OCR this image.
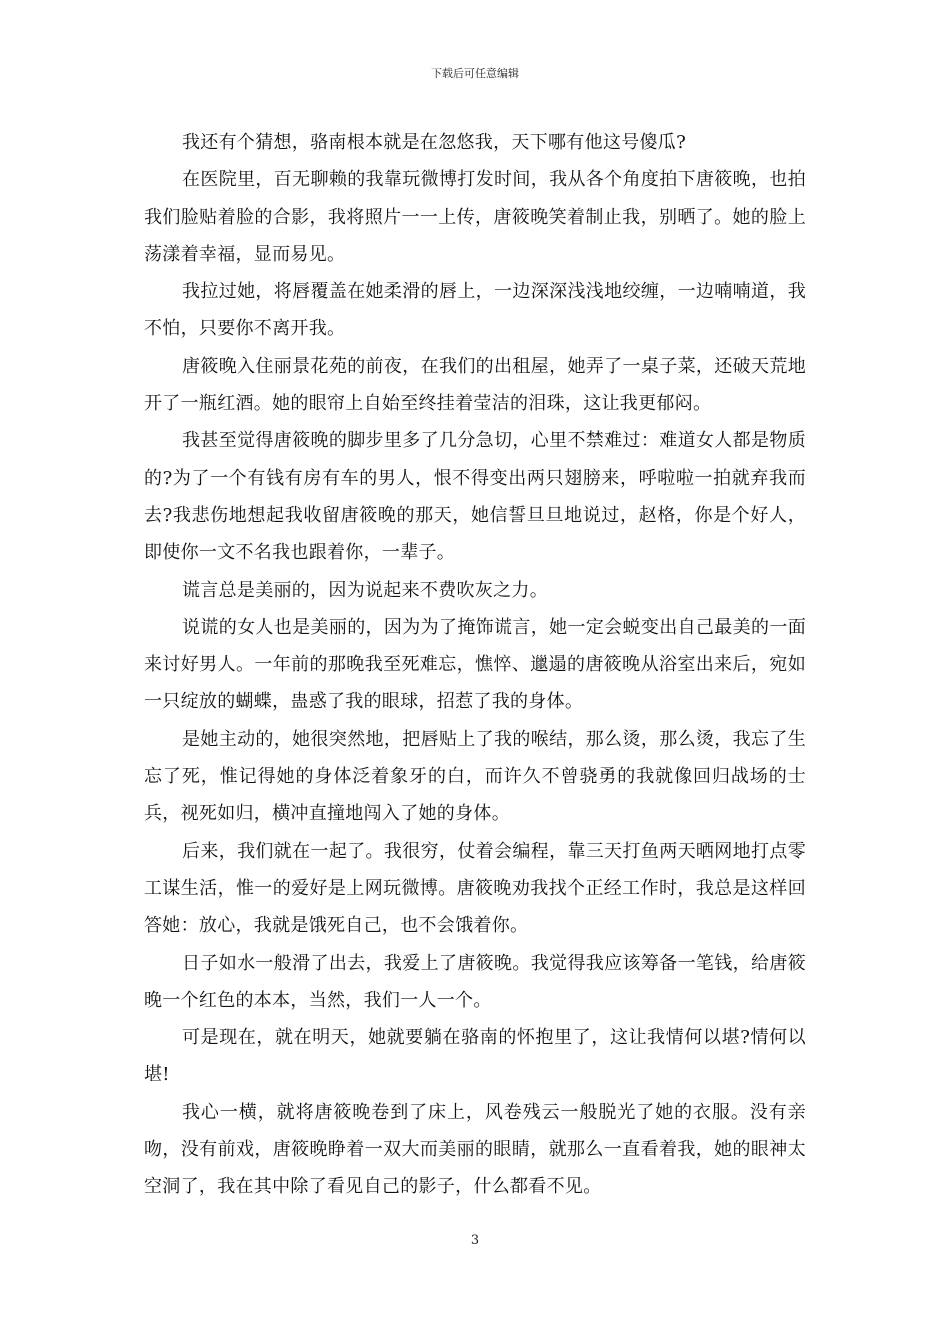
下载后可任意编辑

我还有个猜想，骆南根本就是在忽悠我，天下哪有他这号傻瓜?

在医院里，百无聊赖的我靠玩微博打发时间，我从各个角度拍下唐筱晚，也拍我们脸贴着脸的合影，我将照片一一上传，唐筱晚笑着制止我，别晒了。她的脸上荡漾着幸福，显而易见。

我拉过她，将唇覆盖在她柔滑的唇上，一边深深浅浅地绞缠，一边喃喃道，我不怕，只要你不离开我。

唐筱晚入住丽景花苑的前夜，在我们的出租屋，她弄了一桌子菜，还破天荒地开了一瓶红酒。她的眼帘上自始至终挂着莹洁的泪珠，这让我更郁闷。

我甚至觉得唐筱晚的脚步里多了几分急切，心里不禁难过：难道女人都是物质的?为了一个有钱有房有车的男人，恨不得变出两只翅膀来，呼啦啦一拍就弃我而去?我悲伤地想起我收留唐筱晚的那天，她信誓旦旦地说过，赵格，你是个好人，即使你一文不名我也跟着你，一辈子。

谎言总是美丽的，因为说起来不费吹灰之力。

说谎的女人也是美丽的，因为为了掩饰谎言，她一定会蜕变出自己最美的一面来讨好男人。一年前的那晚我至死难忘，憔悴、邋遢的唐筱晚从浴室出来后，宛如一只绽放的蝴蝶，蛊惑了我的眼球，招惹了我的身体。

是她主动的，她很突然地，把唇贴上了我的喉结，那么烫，那么烫，我忘了生忘了死，惟记得她的身体泛着象牙的白，而许久不曾骁勇的我就像回归战场的士兵，视死如归，横冲直撞地闯入了她的身体。

后来，我们就在一起了。我很穷，仗着会编程，靠三天打鱼两天晒网地打点零工谋生活，惟一的爱好是上网玩微博。唐筱晚劝我找个正经工作时，我总是这样回答她：放心，我就是饿死自己，也不会饿着你。

日子如水一般滑了出去，我爱上了唐筱晚。我觉得我应该筹备一笔钱，给唐筱晚一个红色的本本，当然，我们一人一个。

可是现在，就在明天，她就要躺在骆南的怀抱里了，这让我情何以堪?情何以堪!

我心一横，就将唐筱晚卷到了床上，风卷残云一般脱光了她的衣服。没有亲吻，没有前戏，唐筱晚睁着一双大而美丽的眼睛，就那么一直看着我，她的眼神太空洞了，我在其中除了看见自己的影子，什么都看不见。

3
